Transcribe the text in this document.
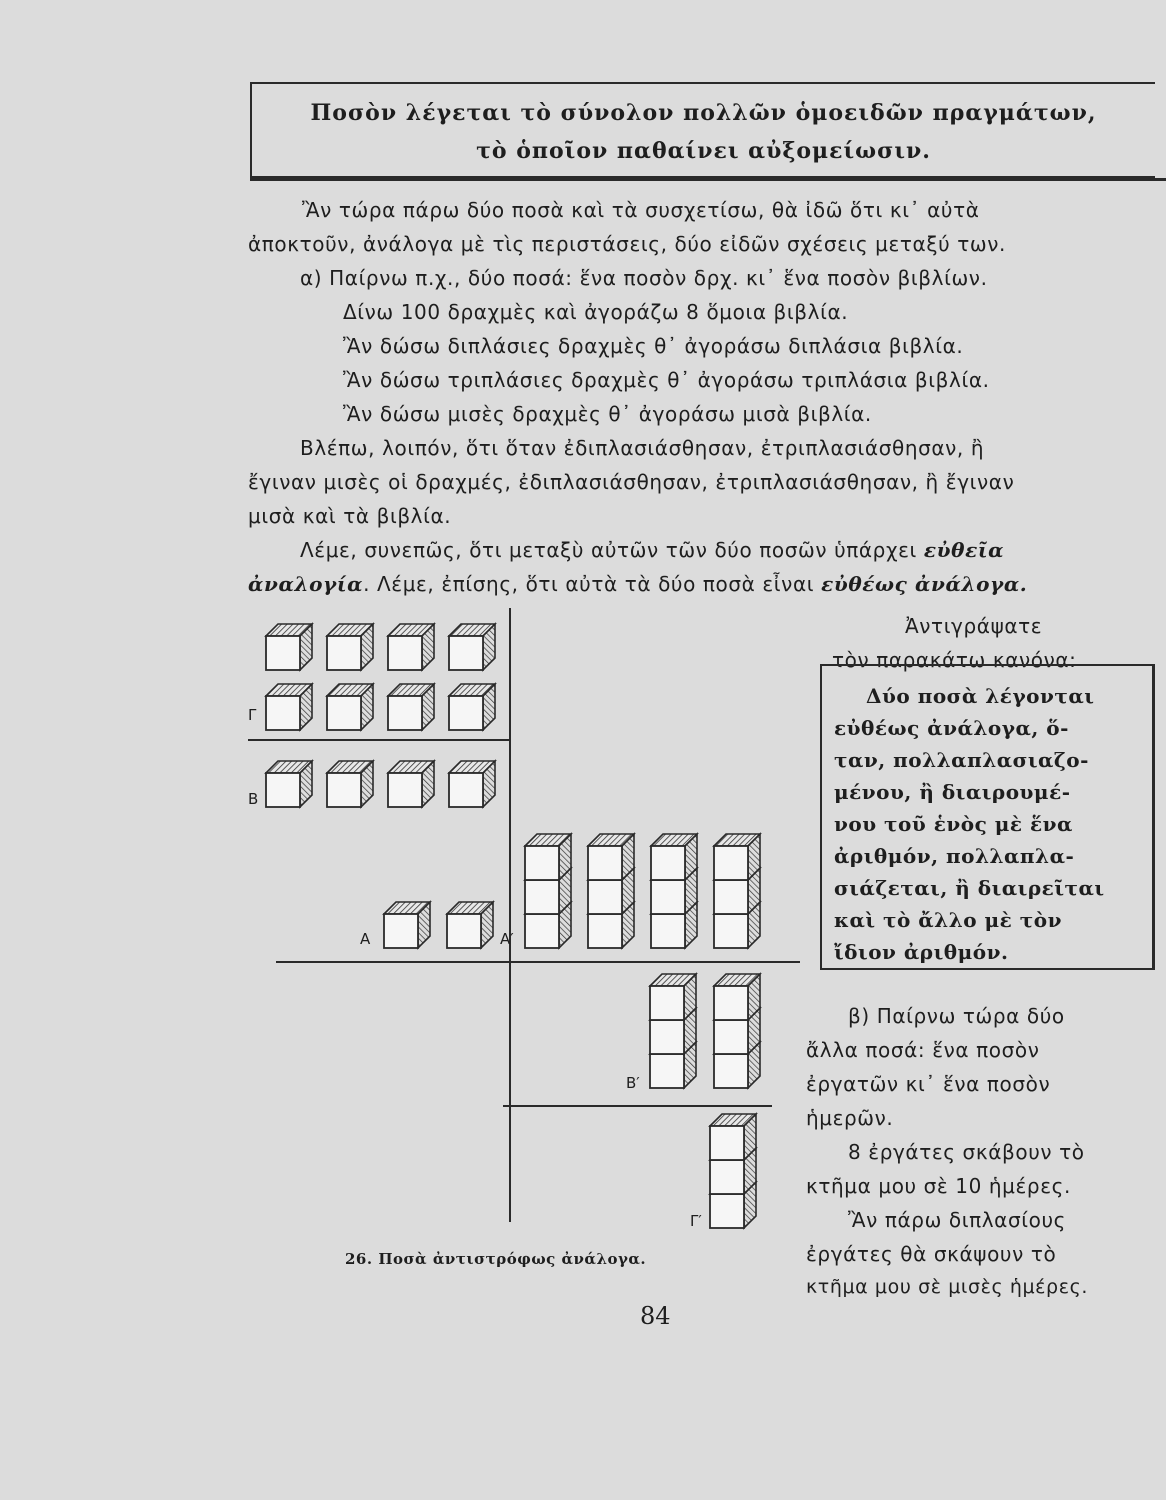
Ποσὸν λέγεται τὸ σύνολον πολλῶν ὁμοειδῶν πραγμάτων,
τὸ ὁποῖον παθαίνει αὐξομείωσιν.
Ἂν τώρα πάρω δύο ποσὰ καὶ τὰ συσχετίσω, θὰ ἰδῶ ὅτι κι᾽ αὐτὰ
ἀποκτοῦν, ἀνάλογα μὲ τὶς περιστάσεις, δύο εἰδῶν σχέσεις μεταξύ των.
α) Παίρνω π.χ., δύο ποσά: ἕνα ποσὸν δρχ. κι᾽ ἕνα ποσὸν βιβλίων.
Δίνω 100 δραχμὲς καὶ ἀγοράζω 8 ὅμοια βιβλία.
Ἂν δώσω διπλάσιες δραχμὲς θ᾽ ἀγοράσω διπλάσια βιβλία.
Ἂν δώσω τριπλάσιες δραχμὲς θ᾽ ἀγοράσω τριπλάσια βιβλία.
Ἂν δώσω μισὲς δραχμὲς θ᾽ ἀγοράσω μισὰ βιβλία.
Βλέπω, λοιπόν, ὅτι ὅταν ἐδιπλασιάσθησαν, ἐτριπλασιάσθησαν, ἢ
ἔγιναν μισὲς οἱ δραχμές, ἐδιπλασιάσθησαν, ἐτριπλασιάσθησαν, ἢ ἔγιναν
μισὰ καὶ τὰ βιβλία.
Λέμε, συνεπῶς, ὅτι μεταξὺ αὐτῶν τῶν δύο ποσῶν ὑπάρχει εὐθεῖα
ἀναλογία. Λέμε, ἐπίσης, ὅτι αὐτὰ τὰ δύο ποσὰ εἶναι εὐθέως ἀνάλογα.
Ἀντιγράψατε
τὸν παρακάτω κανόνα:
Δύο ποσὰ λέγονται
εὐθέως ἀνάλογα, ὅ-
ταν, πολλαπλασιαζο-
μένου, ἢ διαιρουμέ-
νου τοῦ ἑνὸς μὲ ἕνα
ἀριθμόν, πολλαπλα-
σιάζεται, ἢ διαιρεῖται
καὶ τὸ ἄλλο μὲ τὸν
ἴδιον ἀριθμόν.
β) Παίρνω τώρα δύο
ἄλλα ποσά: ἕνα ποσὸν
ἐργατῶν κι᾽ ἕνα ποσὸν
ἡμερῶν.
8 ἐργάτες σκάβουν τὸ
κτῆμα μου σὲ 10 ἡμέρες.
Ἂν πάρω διπλασίους
ἐργάτες θὰ σκάψουν τὸ
κτῆμα μου σὲ μισὲς ἡμέρες.
Γ
Β
Α	Α′
Β′
Γ′
26. Ποσὰ ἀντιστρόφως ἀνάλογα.
84
